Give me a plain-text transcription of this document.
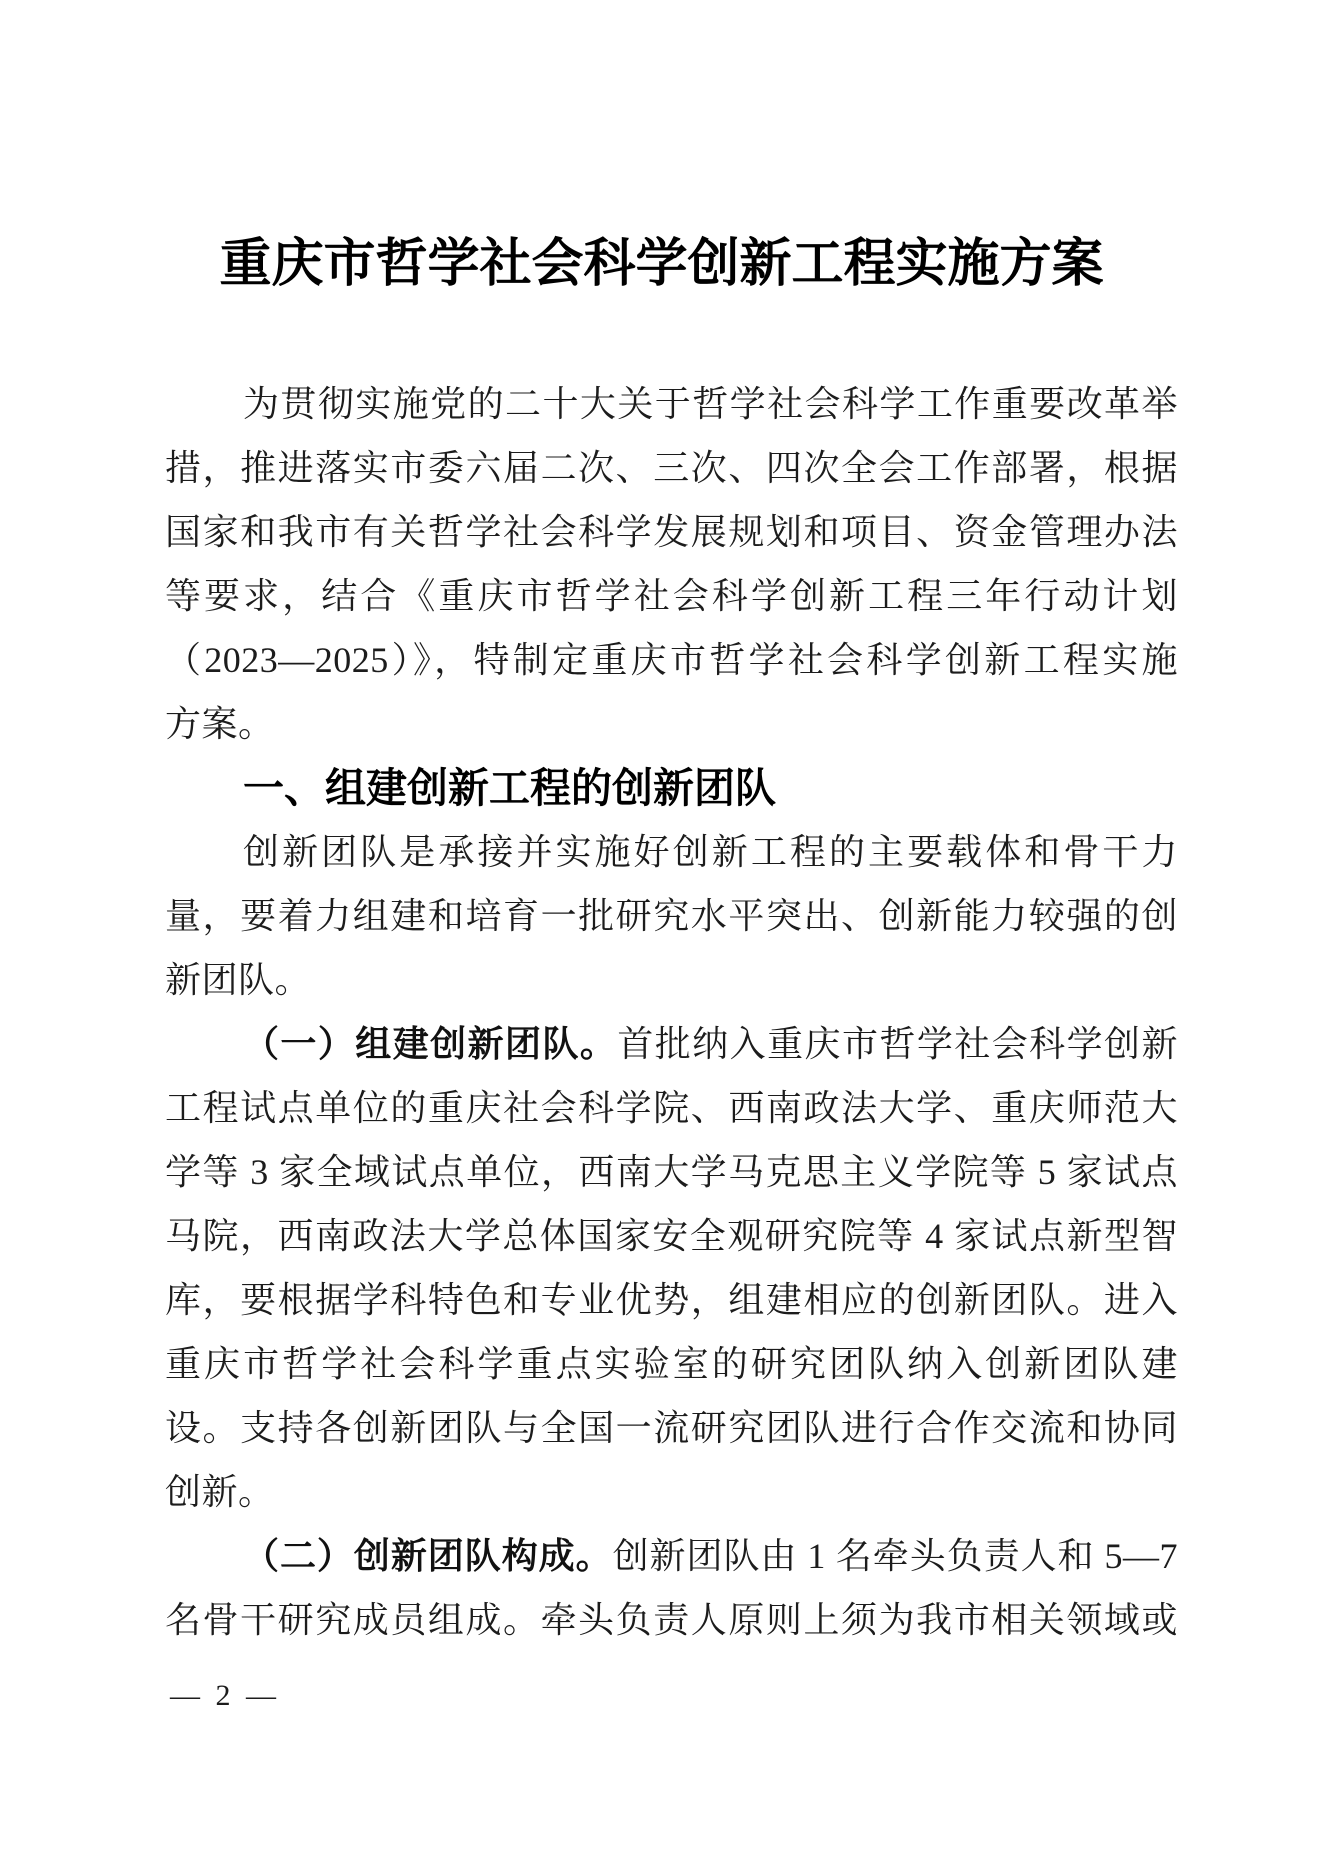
重庆市哲学社会科学创新工程实施方案
为贯彻实施党的二十大关于哲学社会科学工作重要改革举
措，推进落实市委六届二次、三次、四次全会工作部署，根据
国家和我市有关哲学社会科学发展规划和项目、资金管理办法
等要求，结合《重庆市哲学社会科学创新工程三年行动计划
（2023—2025）》，特制定重庆市哲学社会科学创新工程实施
方案。
一、组建创新工程的创新团队
创新团队是承接并实施好创新工程的主要载体和骨干力
量，要着力组建和培育一批研究水平突出、创新能力较强的创
新团队。
（一）组建创新团队。首批纳入重庆市哲学社会科学创新
工程试点单位的重庆社会科学院、西南政法大学、重庆师范大
学等 3 家全域试点单位，西南大学马克思主义学院等 5 家试点
马院，西南政法大学总体国家安全观研究院等 4 家试点新型智
库，要根据学科特色和专业优势，组建相应的创新团队。进入
重庆市哲学社会科学重点实验室的研究团队纳入创新团队建
设。支持各创新团队与全国一流研究团队进行合作交流和协同
创新。
（二）创新团队构成。创新团队由 1 名牵头负责人和 5—7
名骨干研究成员组成。牵头负责人原则上须为我市相关领域或
— 2 —
